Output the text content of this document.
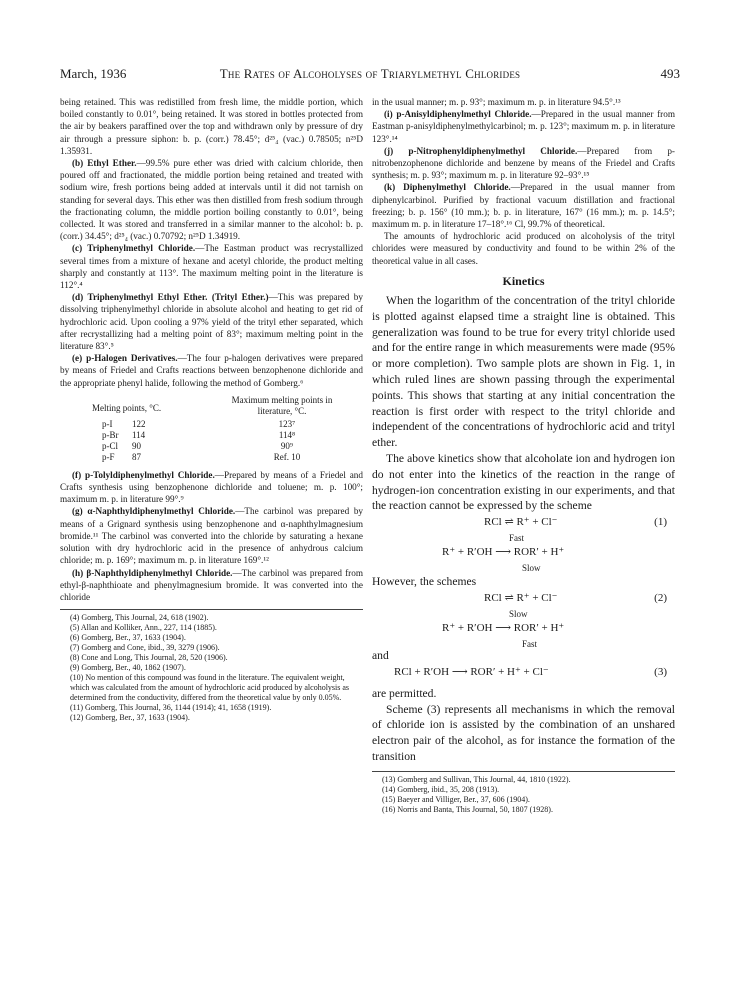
March, 1936	The Rates of Alcoholyses of Triarylmethyl Chlorides	493

being retained. This was redistilled from fresh lime, the middle portion, which boiled constantly to 0.01°, being retained. It was stored in bottles protected from the air by beakers paraffined over the top and withdrawn only by pressure of dry air through a pressure siphon: b. p. (corr.) 78.45°; d²⁵₄ (vac.) 0.78505; n²⁵D 1.35931.

(b) Ethyl Ether.—99.5% pure ether was dried with calcium chloride, then poured off and fractionated, the middle portion being retained and treated with sodium wire, fresh portions being added at intervals until it did not tarnish on standing for several days. This ether was then distilled from fresh sodium through the fractionating column, the middle portion boiling constantly to 0.01°, being collected. It was stored and transferred in a similar manner to the alcohol: b. p. (corr.) 34.45°; d²⁵₄ (vac.) 0.70792; n²⁵D 1.34919.

(c) Triphenylmethyl Chloride.—The Eastman product was recrystallized several times from a mixture of hexane and acetyl chloride, the product melting sharply and constantly at 113°. The maximum melting point in the literature is 112°.⁴

(d) Triphenylmethyl Ethyl Ether. (Trityl Ether.)—This was prepared by dissolving triphenylmethyl chloride in absolute alcohol and heating to get rid of hydrochloric acid. Upon cooling a 97% yield of the trityl ether separated, which after recrystallizing had a melting point of 83°; maximum melting point in the literature 83°.⁵

(e) p-Halogen Derivatives.—The four p-halogen derivatives were prepared by means of Friedel and Crafts reactions between benzophenone dichloride and the appropriate phenyl halide, following the method of Gomberg.⁶

Melting points, °C.
Maximum melting points in literature, °C.
p-I	122	123⁷
p-Br	114	114⁸
p-Cl	90	90⁹
p-F	87	Ref. 10

(f) p-Tolyldiphenylmethyl Chloride.—Prepared by means of a Friedel and Crafts synthesis using benzophenone dichloride and toluene; m. p. 100°; maximum m. p. in literature 99°.⁹

(g) α-Naphthyldiphenylmethyl Chloride.—The carbinol was prepared by means of a Grignard synthesis using benzophenone and α-naphthylmagnesium bromide.¹¹ The carbinol was converted into the chloride by saturating a hexane solution with dry hydrochloric acid in the presence of anhydrous calcium chloride; m. p. 169°; maximum m. p. in literature 169°.¹²

(h) β-Naphthyldiphenylmethyl Chloride.—The carbinol was prepared from ethyl-β-naphthioate and phenylmagnesium bromide. It was converted into the chloride

(4) Gomberg, This Journal, 24, 618 (1902).
(5) Allan and Kolliker, Ann., 227, 114 (1885).
(6) Gomberg, Ber., 37, 1633 (1904).
(7) Gomberg and Cone, ibid., 39, 3279 (1906).
(8) Cone and Long, This Journal, 28, 520 (1906).
(9) Gomberg, Ber., 40, 1862 (1907).
(10) No mention of this compound was found in the literature. The equivalent weight, which was calculated from the amount of hydrochloric acid produced by alcoholysis as determined from the conductivity, differed from the theoretical value by only 0.05%.
(11) Gomberg, This Journal, 36, 1144 (1914); 41, 1658 (1919).
(12) Gomberg, Ber., 37, 1633 (1904).

in the usual manner; m. p. 93°; maximum m. p. in literature 94.5°.¹³

(i) p-Anisyldiphenylmethyl Chloride.—Prepared in the usual manner from Eastman p-anisyldiphenylmethylcarbinol; m. p. 123°; maximum m. p. in literature 123°.¹⁴

(j) p-Nitrophenyldiphenylmethyl Chloride.—Prepared from p-nitrobenzophenone dichloride and benzene by means of the Friedel and Crafts synthesis; m. p. 93°; maximum m. p. in literature 92–93°.¹⁵

(k) Diphenylmethyl Chloride.—Prepared in the usual manner from diphenylcarbinol. Purified by fractional vacuum distillation and fractional freezing; b. p. 156° (10 mm.); b. p. in literature, 167° (16 mm.); m. p. 14.5°; maximum m. p. in literature 17–18°.¹⁶ Cl, 99.7% of theoretical.

The amounts of hydrochloric acid produced on alcoholysis of the trityl chlorides were measured by conductivity and found to be within 2% of the theoretical value in all cases.

Kinetics

When the logarithm of the concentration of the trityl chloride is plotted against elapsed time a straight line is obtained. This generalization was found to be true for every trityl chloride used and for the entire range in which measurements were made (95% or more completion). Two sample plots are shown in Fig. 1, in which ruled lines are shown passing through the experimental points. This shows that starting at any initial concentration the reaction is first order with respect to the trityl chloride and independent of the concentrations of hydrochloric acid and trityl ether.

The above kinetics show that alcoholate ion and hydrogen ion do not enter into the kinetics of the reaction in the range of hydrogen-ion concentration existing in our experiments, and that the reaction cannot be expressed by the scheme

RCl ⇌ R⁺ + Cl⁻
Fast
(1)
R⁺ + R′OH ⟶ ROR′ + H⁺
Slow

However, the schemes

RCl ⇌ R⁺ + Cl⁻
Slow
(2)
R⁺ + R′OH ⟶ ROR′ + H⁺
Fast

and

RCl + R′OH ⟶ ROR′ + H⁺ + Cl⁻	(3)

are permitted.

Scheme (3) represents all mechanisms in which the removal of chloride ion is assisted by the combination of an unshared electron pair of the alcohol, as for instance the formation of the transition

(13) Gomberg and Sullivan, This Journal, 44, 1810 (1922).
(14) Gomberg, ibid., 35, 208 (1913).
(15) Baeyer and Villiger, Ber., 37, 606 (1904).
(16) Norris and Banta, This Journal, 50, 1807 (1928).
